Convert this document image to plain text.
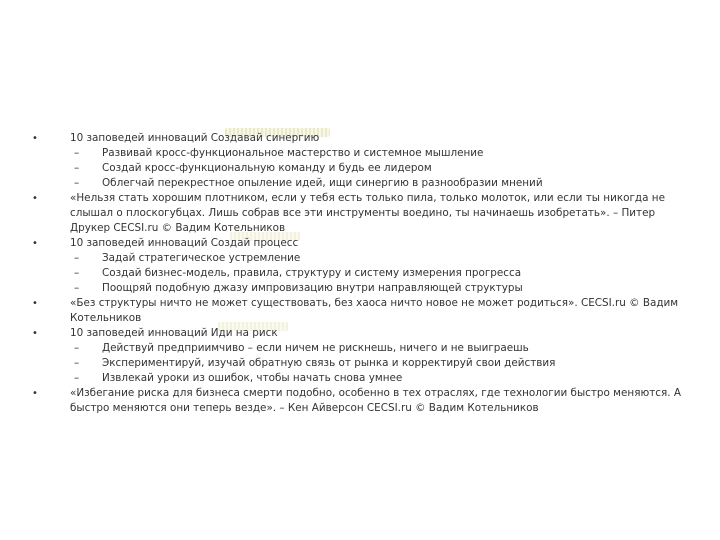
•	10 заповедей инноваций Создавай синергию
– Развивай кросс-функциональное мастерство и системное мышление
– Создай кросс-функциональную команду и будь ее лидером
– Облегчай перекрестное опыление идей, ищи синергию в разнообразии мнений
•	«Нельзя стать хорошим плотником, если у тебя есть только пила, только молоток, или если ты никогда не слышал о плоскогубцах. Лишь собрав все эти инструменты воедино, ты начинаешь изобретать». – Питер Друкер CECSI.ru © Вадим Котельников
•	10 заповедей инноваций Создай процесс
– Задай стратегическое устремление
– Создай бизнес-модель, правила, структуру и систему измерения прогресса
– Поощряй подобную джазу импровизацию внутри направляющей структуры
•	«Без структуры ничто не может существовать, без хаоса ничто новое не может родиться». CECSI.ru © Вадим Котельников
•	10 заповедей инноваций Иди на риск
– Действуй предприимчиво – если ничем не рискнешь, ничего и не выиграешь
– Экспериментируй, изучай обратную связь от рынка и корректируй свои действия
– Извлекай уроки из ошибок, чтобы начать снова умнее
•	«Избегание риска для бизнеса смерти подобно, особенно в тех отраслях, где технологии быстро меняются. А быстро меняются они теперь везде». – Кен Айверсон CECSI.ru © Вадим Котельников
